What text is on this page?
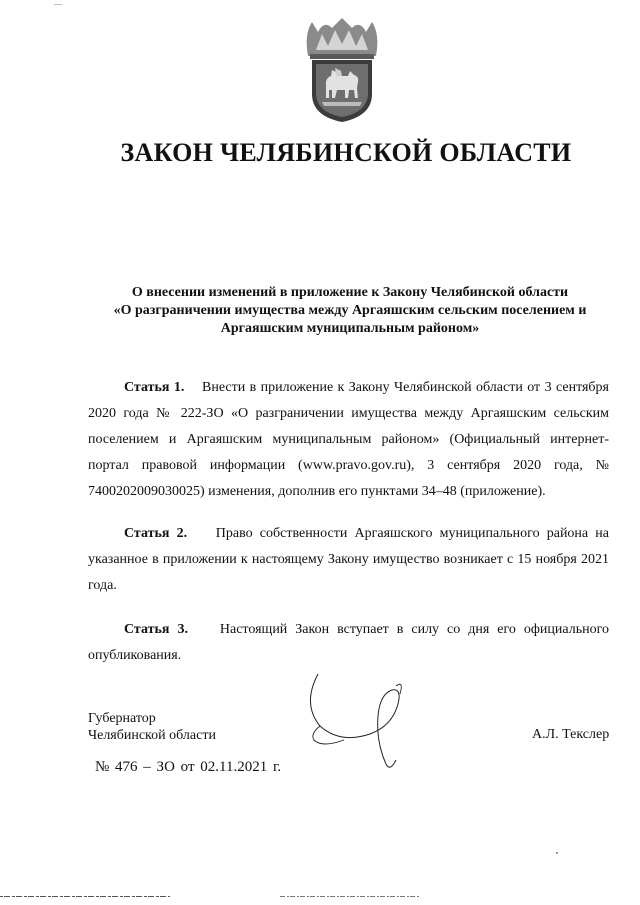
ЗАКОН ЧЕЛЯБИНСКОЙ ОБЛАСТИ
О внесении изменений в приложение к Закону Челябинской области
«О разграничении имущества между Аргаяшским сельским поселением и
Аргаяшским муниципальным районом»

Статья 1. Внести в приложение к Закону Челябинской области от 3 сентября 2020 года № 222-ЗО «О разграничении имущества между Аргаяшским сельским поселением и Аргаяшским муниципальным районом» (Официальный интернет-портал правовой информации (www.pravo.gov.ru), 3 сентября 2020 года, № 7400202009030025) изменения, дополнив его пунктами 34–48 (приложение).

Статья 2. Право собственности Аргаяшского муниципального района на указанное в приложении к настоящему Закону имущество возникает с 15 ноября 2021 года.

Статья 3. Настоящий Закон вступает в силу со дня его официального опубликования.

Губернатор
Челябинской области	А.Л. Текслер
№ 476 – ЗО от 02.11.2021 г.
